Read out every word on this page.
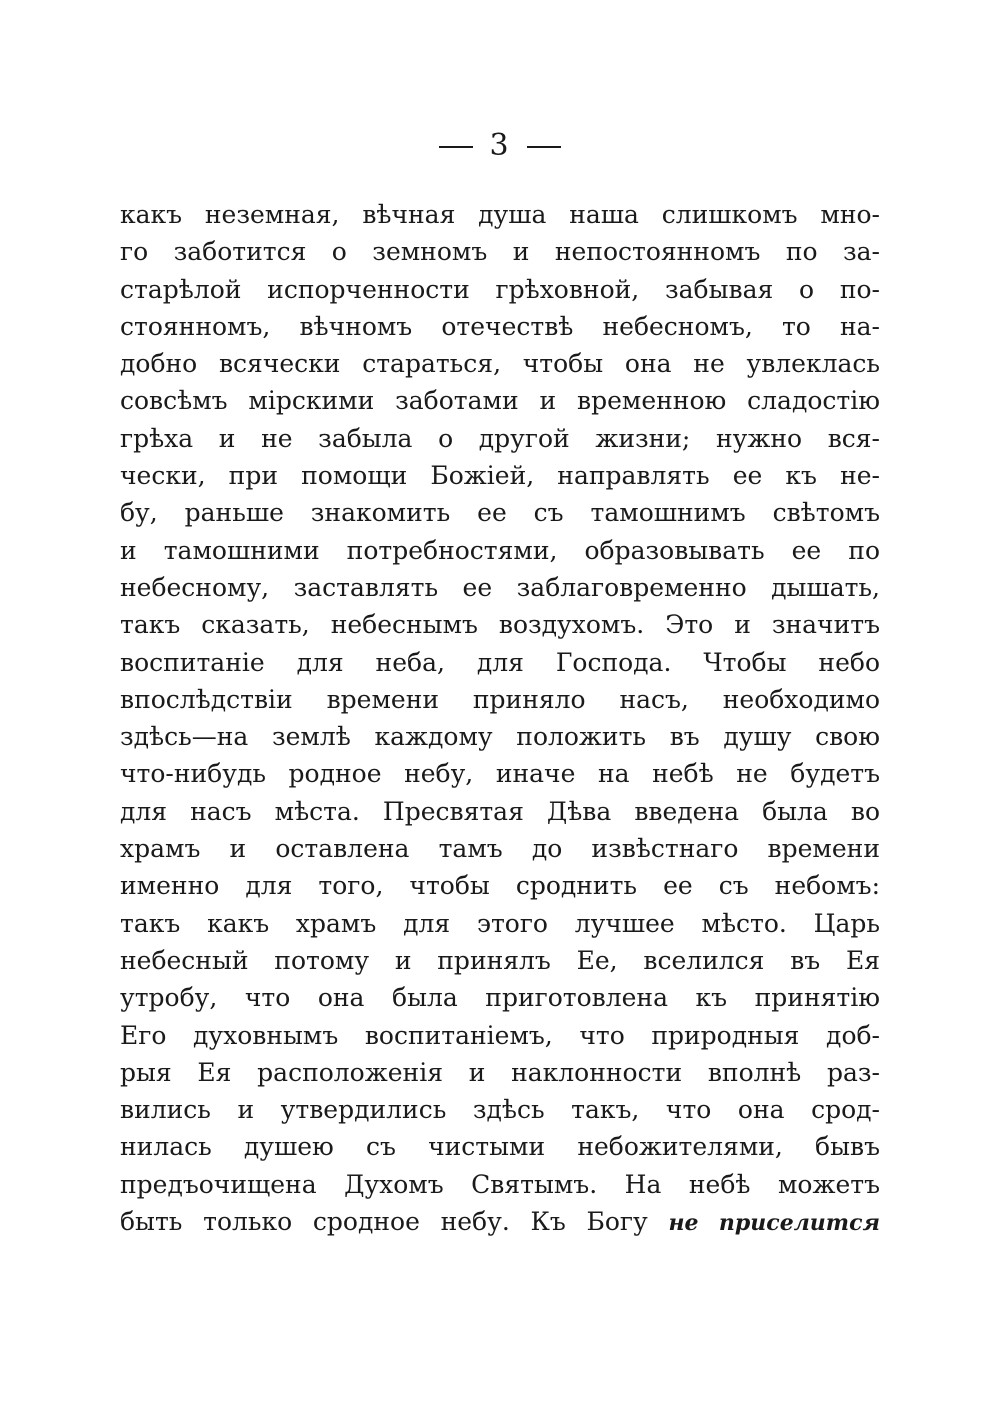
3
какъ неземная, вѣчная душа наша слишкомъ мно-
го заботится о земномъ и непостоянномъ по за-
старѣлой испорченности грѣховной, забывая о по-
стоянномъ, вѣчномъ отечествѣ небесномъ, то на-
добно всячески стараться, чтобы она не увлеклась
совсѣмъ мірскими заботами и временною сладостію
грѣха и не забыла о другой жизни; нужно вся-
чески, при помощи Божіей, направлять ее къ не-
бу, раньше знакомить ее съ тамошнимъ свѣтомъ
и тамошними потребностями, образовывать ее по
небесному, заставлять ее заблаговременно дышать,
такъ сказать, небеснымъ воздухомъ. Это и значитъ
воспитаніе для неба, для Господа. Чтобы небо
впослѣдствіи времени приняло насъ, необходимо
здѣсь—на землѣ каждому положить въ душу свою
что-нибудь родное небу, иначе на небѣ не будетъ
для насъ мѣста. Пресвятая Дѣва введена была во
храмъ и оставлена тамъ до извѣстнаго времени
именно для того, чтобы сроднить ее съ небомъ:
такъ какъ храмъ для этого лучшее мѣсто. Царь
небесный потому и принялъ Ее, вселился въ Ея
утробу, что она была приготовлена къ принятію
Его духовнымъ воспитаніемъ, что природныя доб-
рыя Ея расположенія и наклонности вполнѣ раз-
вились и утвердились здѣсь такъ, что она срод-
нилась душею съ чистыми небожителями, бывъ
предъочищена Духомъ Святымъ. На небѣ можетъ
быть только сродное небу. Къ Богу не приселится
